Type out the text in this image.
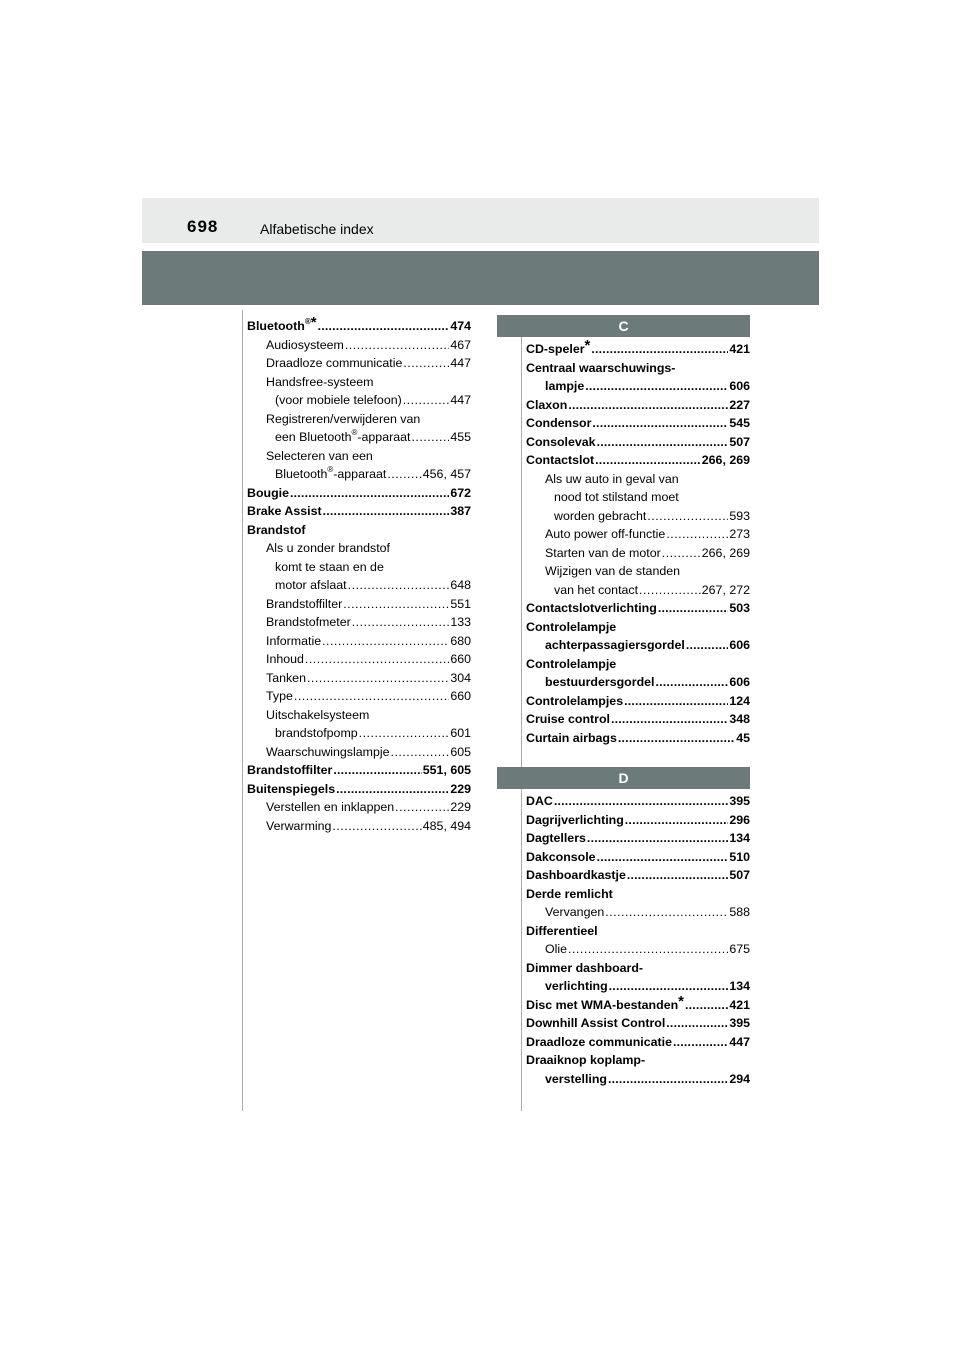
698	Alfabetische index
Bluetooth®* .....	474
Audiosysteem .....	467
Draadloze communicatie .....	447
Handsfree-systeem
(voor mobiele telefoon) .....	447
Registreren/verwijderen van
een Bluetooth®-apparaat .....	455
Selecteren van een
Bluetooth®-apparaat .....	456, 457
Bougie .....	672
Brake Assist .....	387
Brandstof
Als u zonder brandstof
komt te staan en de
motor afslaat .....	648
Brandstoffilter .....	551
Brandstofmeter .....	133
Informatie .....	680
Inhoud .....	660
Tanken .....	304
Type .....	660
Uitschakelsysteem
brandstofpomp .....	601
Waarschuwingslampje .....	605
Brandstoffilter .....	551, 605
Buitenspiegels .....	229
Verstellen en inklappen .....	229
Verwarming .....	485, 494
C
CD-speler* .....	421
Centraal waarschuwings-
lampje .....	606
Claxon .....	227
Condensor .....	545
Consolevak .....	507
Contactslot .....	266, 269
Als uw auto in geval van
nood tot stilstand moet
worden gebracht .....	593
Auto power off-functie .....	273
Starten van de motor .....	266, 269
Wijzigen van de standen
van het contact .....	267, 272
Contactslotverlichting .....	503
Controlelampje
achterpassagiersgordel .....	606
Controlelampje
bestuurdersgordel .....	606
Controlelampjes .....	124
Cruise control .....	348
Curtain airbags .....	45
D
DAC .....	395
Dagrijverlichting .....	296
Dagtellers .....	134
Dakconsole .....	510
Dashboardkastje .....	507
Derde remlicht
Vervangen .....	588
Differentieel
Olie .....	675
Dimmer dashboard-
verlichting .....	134
Disc met WMA-bestanden* .....	421
Downhill Assist Control .....	395
Draadloze communicatie .....	447
Draaiknop koplamp-
verstelling .....	294
